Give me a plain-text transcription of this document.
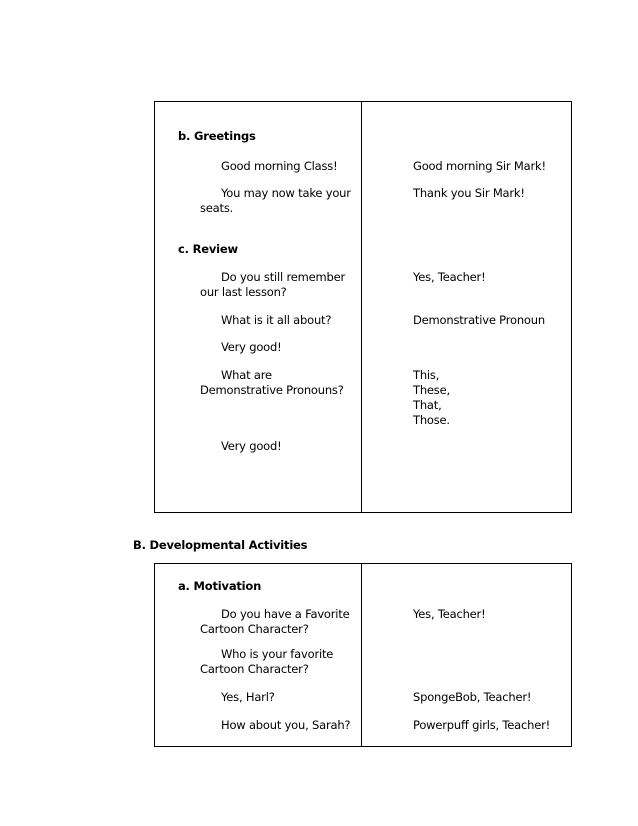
b. Greetings
Good morning Class!
You may now take your
seats.
Good morning Sir Mark!
Thank you Sir Mark!
c. Review
Do you still remember
our last lesson?
What is it all about?
Very good!
What are
Demonstrative Pronouns?
Very good!
Yes, Teacher!
Demonstrative Pronoun
This,
These,
That,
Those.
B. Developmental Activities
a. Motivation
Do you have a Favorite
Cartoon Character?
Who is your favorite
Cartoon Character?
Yes, Harl?
How about you, Sarah?
Yes, Teacher!
SpongeBob, Teacher!
Powerpuff girls, Teacher!
